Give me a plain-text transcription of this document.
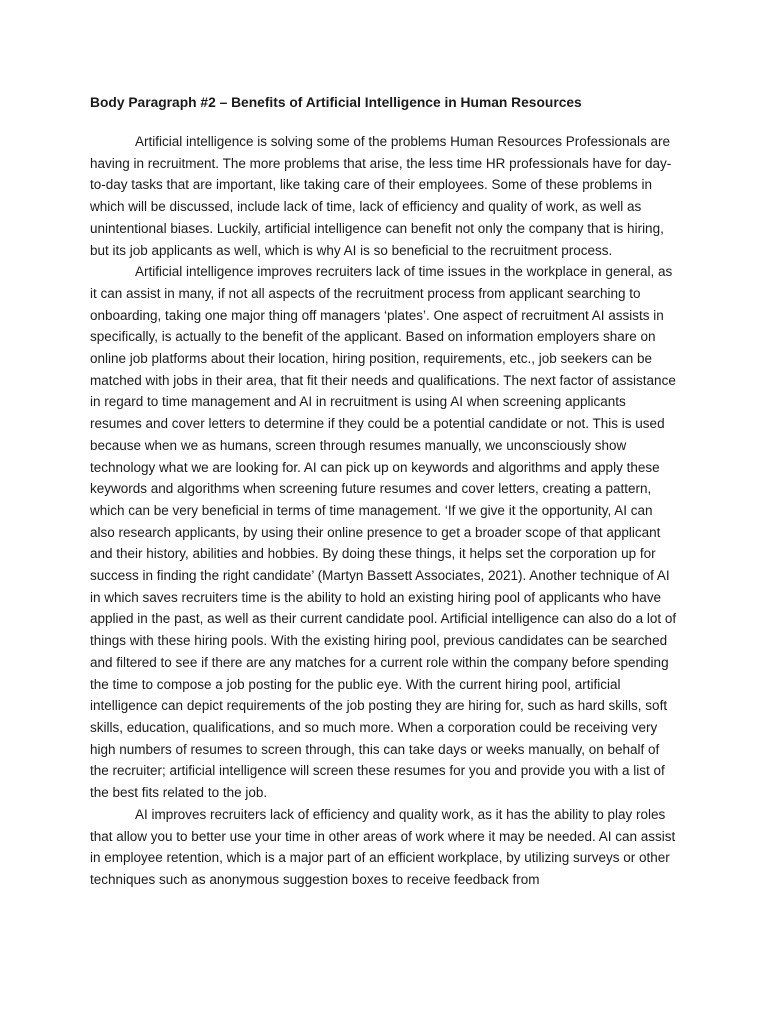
Body Paragraph #2 – Benefits of Artificial Intelligence in Human Resources

Artificial intelligence is solving some of the problems Human Resources Professionals are having in recruitment. The more problems that arise, the less time HR professionals have for day-to-day tasks that are important, like taking care of their employees. Some of these problems in which will be discussed, include lack of time, lack of efficiency and quality of work, as well as unintentional biases. Luckily, artificial intelligence can benefit not only the company that is hiring, but its job applicants as well, which is why AI is so beneficial to the recruitment process.

Artificial intelligence improves recruiters lack of time issues in the workplace in general, as it can assist in many, if not all aspects of the recruitment process from applicant searching to onboarding, taking one major thing off managers ‘plates’. One aspect of recruitment AI assists in specifically, is actually to the benefit of the applicant. Based on information employers share on online job platforms about their location, hiring position, requirements, etc., job seekers can be matched with jobs in their area, that fit their needs and qualifications. The next factor of assistance in regard to time management and AI in recruitment is using AI when screening applicants resumes and cover letters to determine if they could be a potential candidate or not. This is used because when we as humans, screen through resumes manually, we unconsciously show technology what we are looking for. AI can pick up on keywords and algorithms and apply these keywords and algorithms when screening future resumes and cover letters, creating a pattern, which can be very beneficial in terms of time management. ‘If we give it the opportunity, AI can also research applicants, by using their online presence to get a broader scope of that applicant and their history, abilities and hobbies. By doing these things, it helps set the corporation up for success in finding the right candidate’ (Martyn Bassett Associates, 2021). Another technique of AI in which saves recruiters time is the ability to hold an existing hiring pool of applicants who have applied in the past, as well as their current candidate pool. Artificial intelligence can also do a lot of things with these hiring pools. With the existing hiring pool, previous candidates can be searched and filtered to see if there are any matches for a current role within the company before spending the time to compose a job posting for the public eye. With the current hiring pool, artificial intelligence can depict requirements of the job posting they are hiring for, such as hard skills, soft skills, education, qualifications, and so much more. When a corporation could be receiving very high numbers of resumes to screen through, this can take days or weeks manually, on behalf of the recruiter; artificial intelligence will screen these resumes for you and provide you with a list of the best fits related to the job.

AI improves recruiters lack of efficiency and quality work, as it has the ability to play roles that allow you to better use your time in other areas of work where it may be needed. AI can assist in employee retention, which is a major part of an efficient workplace, by utilizing surveys or other techniques such as anonymous suggestion boxes to receive feedback from
